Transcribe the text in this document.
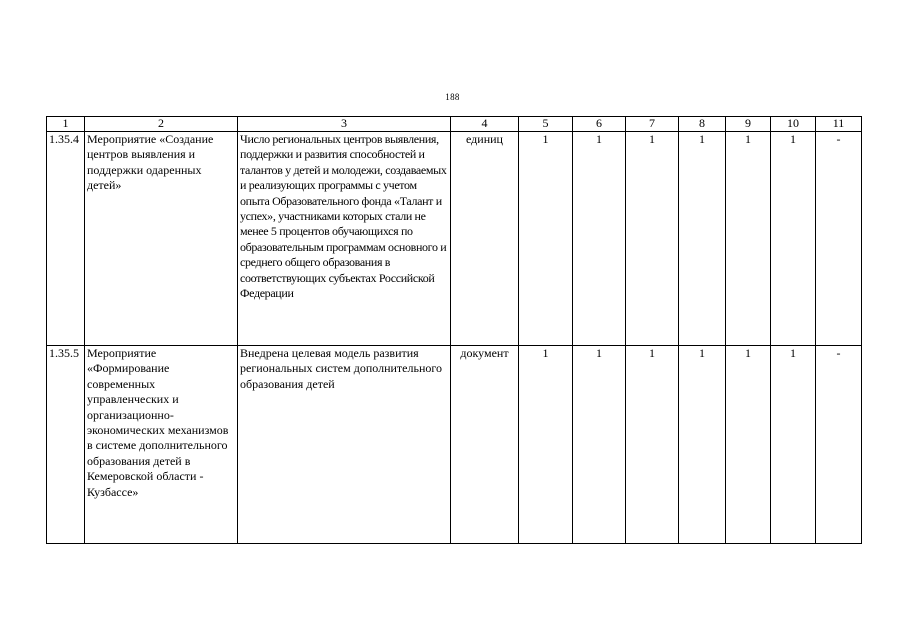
188
1	2	3	4	5	6	7	8	9	10	11
1.35.4	Мероприятие «Создание центров выявления и поддержки одаренных детей»	Число региональных центров выявления, поддержки и развития способностей и талантов у детей и молодежи, создаваемых и реализующих программы с учетом опыта Образовательного фонда «Талант и успех», участниками которых стали не менее 5 процентов обучающихся по образовательным программам основного и среднего общего образования в соответствующих субъектах Российской Федерации	единиц	1	1	1	1	1	1	-
1.35.5	Мероприятие «Формирование современных управленческих и организационно-экономических механизмов в системе дополнительного образования детей в Кемеровской области - Кузбассе»	Внедрена целевая модель развития региональных систем дополнительного образования детей	документ	1	1	1	1	1	1	-
